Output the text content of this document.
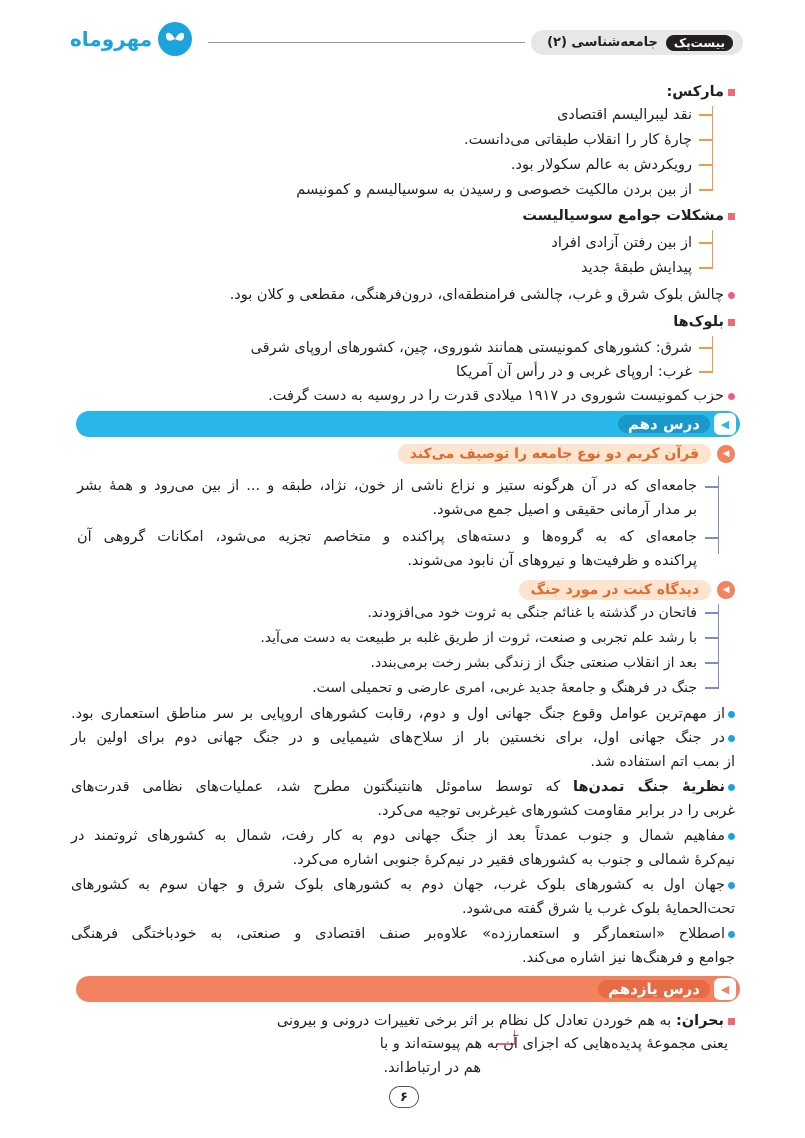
بیست‌پک
جامعه‌شناسی (۲)
مهروماه
مارکس:
نقد لیبرالیسم اقتصادی
چارهٔ کار را انقلاب طبقاتی می‌دانست.
رویکردش به عالم سکولار بود.
از بین بردن مالکیت خصوصی و رسیدن به سوسیالیسم و کمونیسم
مشکلات جوامع سوسیالیست
از بین رفتن آزادی افراد
پیدایش طبقهٔ جدید
چالش بلوک شرق و غرب، چالشی فرامنطقه‌ای، درون‌فرهنگی، مقطعی و کلان بود.
بلوک‌ها
شرق: کشورهای کمونیستی همانند شوروی، چین، کشورهای اروپای شرقی
غرب: اروپای غربی و در رأس آن آمریکا
حزب کمونیست شوروی در ۱۹۱۷ میلادی قدرت را در روسیه به دست گرفت.
◀
درس دهم
◀
قرآن کریم دو نوع جامعه را توصیف می‌کند
جامعه‌ای که در آن هرگونه ستیز و نزاع ناشی از خون، نژاد، طبقه و ... از بین می‌رود و همهٔ بشر
بر مدار آرمانی حقیقی و اصیل جمع می‌شود.
جامعه‌ای که به گروه‌ها و دسته‌های پراکنده و متخاصم تجزیه می‌شود، امکانات گروهی آن
پراکنده و ظرفیت‌ها و نیروهای آن نابود می‌شوند.
◀
دیدگاه کنت در مورد جنگ
فاتحان در گذشته با غنائم جنگی به ثروت خود می‌افزودند.
با رشد علم تجربی و صنعت، ثروت از طریق غلبه بر طبیعت به دست می‌آید.
بعد از انقلاب صنعتی جنگ از زندگی بشر رخت برمی‌بندد.
جنگ در فرهنگ و جامعهٔ جدید غربی، امری عارضی و تحمیلی است.
از مهم‌ترین عوامل وقوع جنگ جهانی اول و دوم، رقابت کشورهای اروپایی بر سر مناطق استعماری بود.
در جنگ جهانی اول، برای نخستین بار از سلاح‌های شیمیایی و در جنگ جهانی دوم برای اولین بار
از بمب اتم استفاده شد.
نظریهٔ جنگ تمدن‌ها که توسط ساموئل هانتینگتون مطرح شد، عملیات‌های نظامی قدرت‌های
غربی را در برابر مقاومت کشورهای غیرغربی توجیه می‌کرد.
مفاهیم شمال و جنوب عمدتاً بعد از جنگ جهانی دوم به کار رفت، شمال به کشورهای ثروتمند در
نیم‌کرهٔ شمالی و جنوب به کشورهای فقیر در نیم‌کرهٔ جنوبی اشاره می‌کرد.
جهان اول به کشورهای بلوک غرب، جهان دوم به کشورهای بلوک شرق و جهان سوم به کشورهای
تحت‌الحمایهٔ بلوک غرب یا شرق گفته می‌شود.
اصطلاح «استعمارگر و استعمارزده» علاوه‌بر صنف اقتصادی و صنعتی، به خودباختگی فرهنگی
جوامع و فرهنگ‌ها نیز اشاره می‌کند.
◀
درس یازدهم
بحران: به هم خوردن تعادل کل نظام بر اثر برخی تغییرات درونی و بیرونی
یعنی مجموعهٔ پدیده‌هایی که اجزای آن به هم پیوسته‌اند و با
هم در ارتباط‌اند.
۶
